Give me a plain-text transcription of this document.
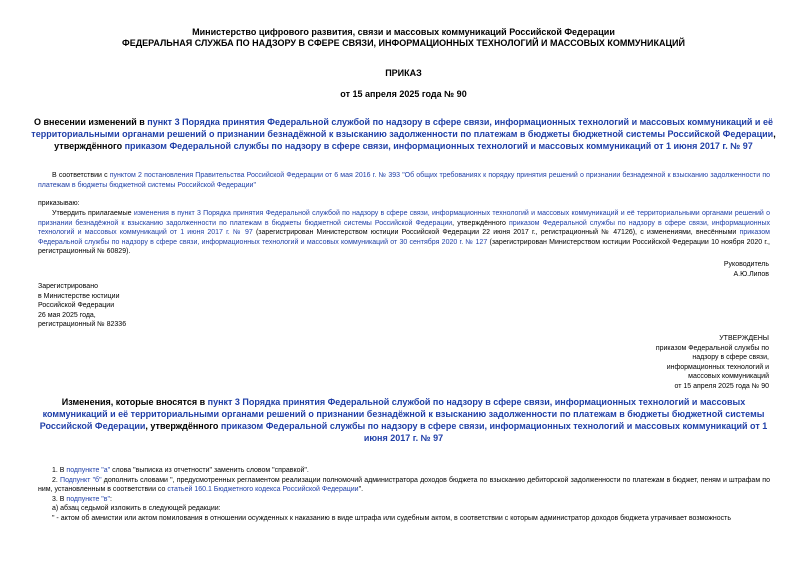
Министерство цифрового развития, связи и массовых коммуникаций Российской Федерации
ФЕДЕРАЛЬНАЯ СЛУЖБА ПО НАДЗОРУ В СФЕРЕ СВЯЗИ, ИНФОРМАЦИОННЫХ ТЕХНОЛОГИЙ И МАССОВЫХ КОММУНИКАЦИЙ
ПРИКАЗ
от 15 апреля 2025 года № 90
О внесении изменений в пункт 3 Порядка принятия Федеральной службой по надзору в сфере связи, информационных технологий и массовых коммуникаций и её территориальными органами решений о признании безнадёжной к взысканию задолженности по платежам в бюджеты бюджетной системы Российской Федерации, утверждённого приказом Федеральной службы по надзору в сфере связи, информационных технологий и массовых коммуникаций от 1 июня 2017 г. № 97
В соответствии с пунктом 2 постановления Правительства Российской Федерации от 6 мая 2016 г. № 393 "Об общих требованиях к порядку принятия решений о признании безнадежной к взысканию задолженности по платежам в бюджеты бюджетной системы Российской Федерации"
приказываю:
Утвердить прилагаемые изменения в пункт 3 Порядка принятия Федеральной службой по надзору в сфере связи, информационных технологий и массовых коммуникаций и её территориальными органами решений о признании безнадёжной к взысканию задолженности по платежам в бюджеты бюджетной системы Российской Федерации, утверждённого приказом Федеральной службы по надзору в сфере связи, информационных технологий и массовых коммуникаций от 1 июня 2017 г. № 97 (зарегистрирован Министерством юстиции Российской Федерации 22 июня 2017 г., регистрационный № 47126), с изменениями, внесёнными приказом Федеральной службы по надзору в сфере связи, информационных технологий и массовых коммуникаций от 30 сентября 2020 г. № 127 (зарегистрирован Министерством юстиции Российской Федерации 10 ноября 2020 г., регистрационный № 60829).
Руководитель
А.Ю.Липов
Зарегистрировано
в Министерстве юстиции
Российской Федерации
26 мая 2025 года,
регистрационный № 82336
УТВЕРЖДЕНЫ
приказом Федеральной службы по
надзору в сфере связи,
информационных технологий и
массовых коммуникаций
от 15 апреля 2025 года № 90
Изменения, которые вносятся в пункт 3 Порядка принятия Федеральной службой по надзору в сфере связи, информационных технологий и массовых коммуникаций и её территориальными органами решений о признании безнадёжной к взысканию задолженности по платежам в бюджеты бюджетной системы Российской Федерации, утверждённого приказом Федеральной службы по надзору в сфере связи, информационных технологий и массовых коммуникаций от 1 июня 2017 г. № 97
1. В подпункте "а" слова "выписка из отчетности" заменить словом "справкой".
2. Подпункт "б" дополнить словами ", предусмотренных регламентом реализации полномочий администратора доходов бюджета по взысканию дебиторской задолженности по платежам в бюджет, пеням и штрафам по ним, установленным в соответствии со статьей 160.1 Бюджетного кодекса Российской Федерации".
3. В подпункте "в":
а) абзац седьмой изложить в следующей редакции:
" - актом об амнистии или актом помилования в отношении осужденных к наказанию в виде штрафа или судебным актом, в соответствии с которым администратор доходов бюджета утрачивает возможность
